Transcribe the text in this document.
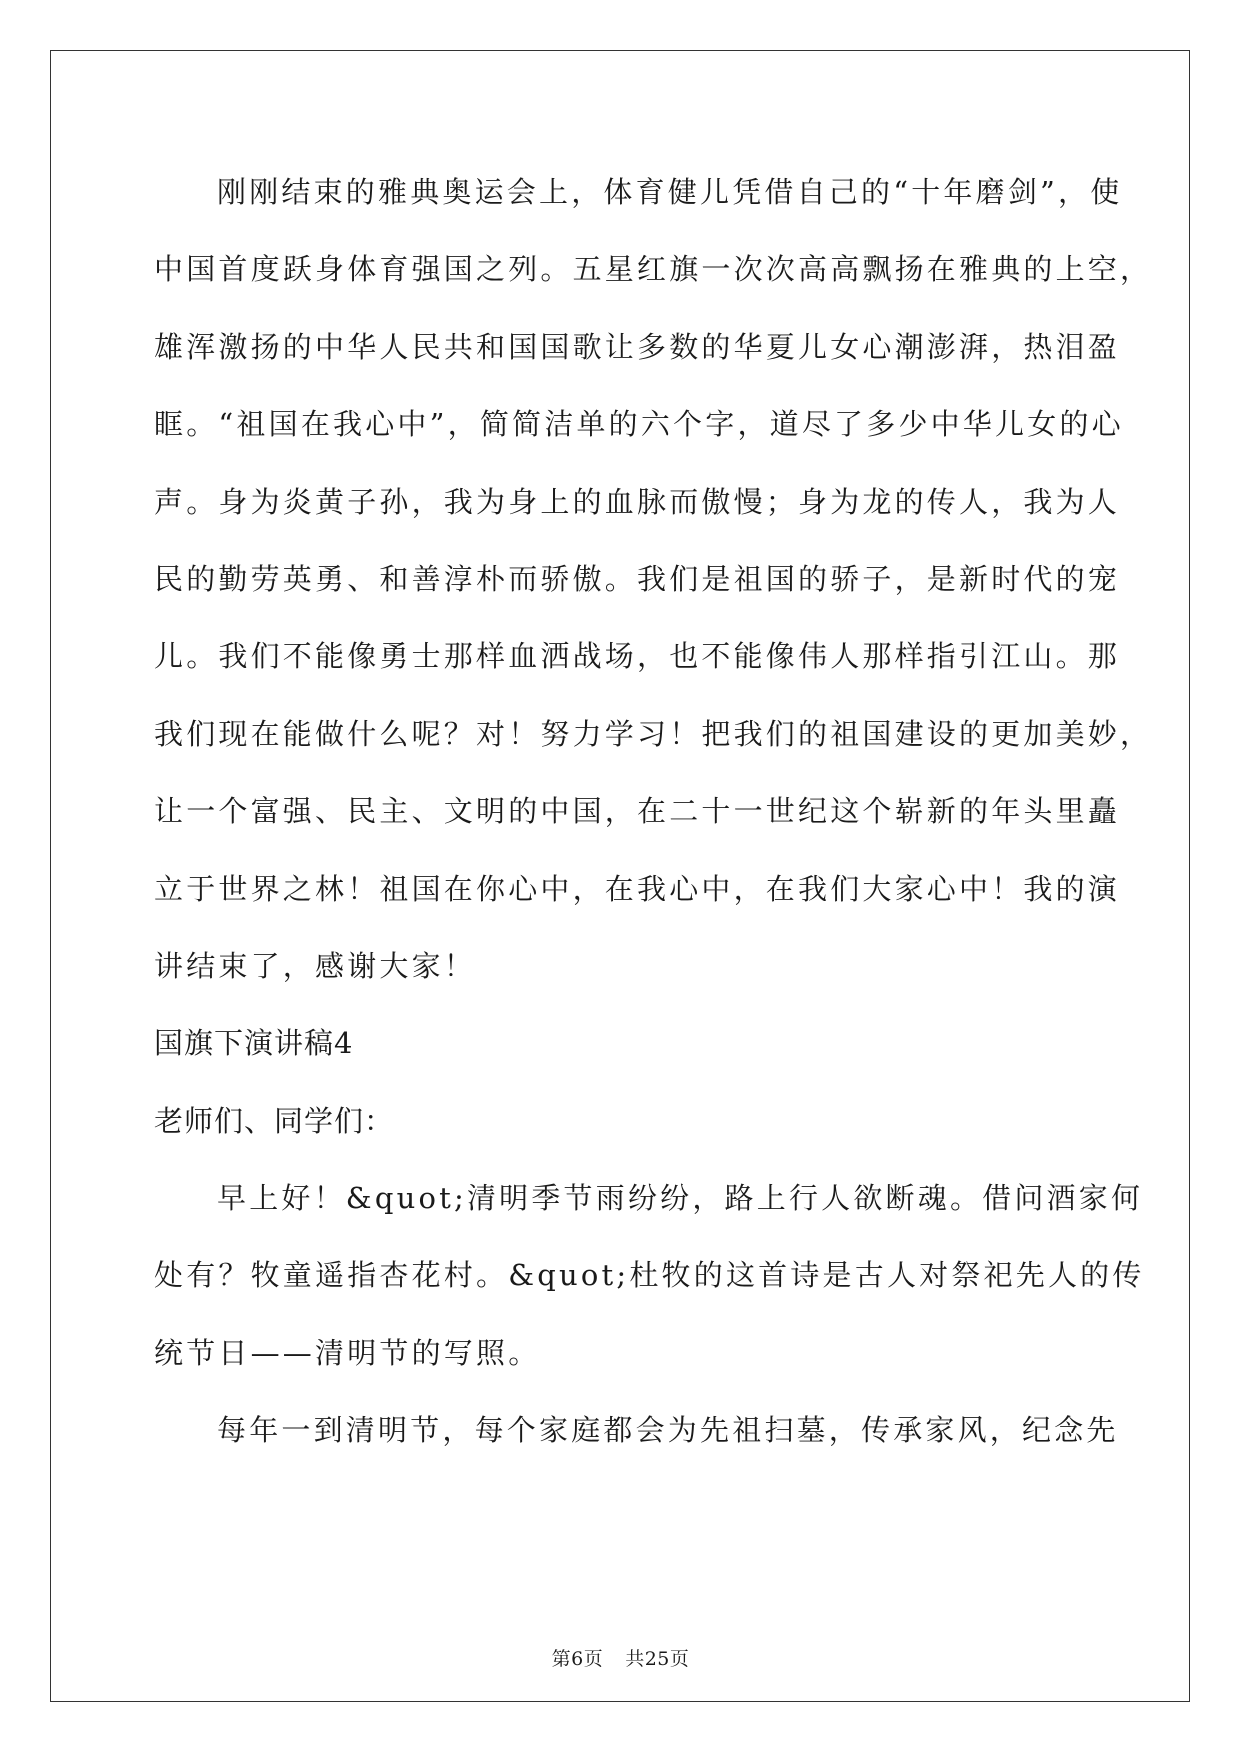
刚刚结束的雅典奥运会上，体育健儿凭借自己的“十年磨剑”，使
中国首度跃身体育强国之列。五星红旗一次次高高飘扬在雅典的上空，
雄浑激扬的中华人民共和国国歌让多数的华夏儿女心潮澎湃，热泪盈
眶。“祖国在我心中”，简简洁单的六个字，道尽了多少中华儿女的心
声。身为炎黄子孙，我为身上的血脉而傲慢；身为龙的传人，我为人
民的勤劳英勇、和善淳朴而骄傲。我们是祖国的骄子，是新时代的宠
儿。我们不能像勇士那样血洒战场，也不能像伟人那样指引江山。那
我们现在能做什么呢？对！努力学习！把我们的祖国建设的更加美妙，
让一个富强、民主、文明的中国，在二十一世纪这个崭新的年头里矗
立于世界之林！祖国在你心中，在我心中，在我们大家心中！我的演
讲结束了，感谢大家！
国旗下演讲稿4
老师们、同学们：
早上好！&quot;清明季节雨纷纷，路上行人欲断魂。借问酒家何
处有？牧童遥指杏花村。&quot;杜牧的这首诗是古人对祭祀先人的传
统节日——清明节的写照。
每年一到清明节，每个家庭都会为先祖扫墓，传承家风，纪念先
第6页 共25页
